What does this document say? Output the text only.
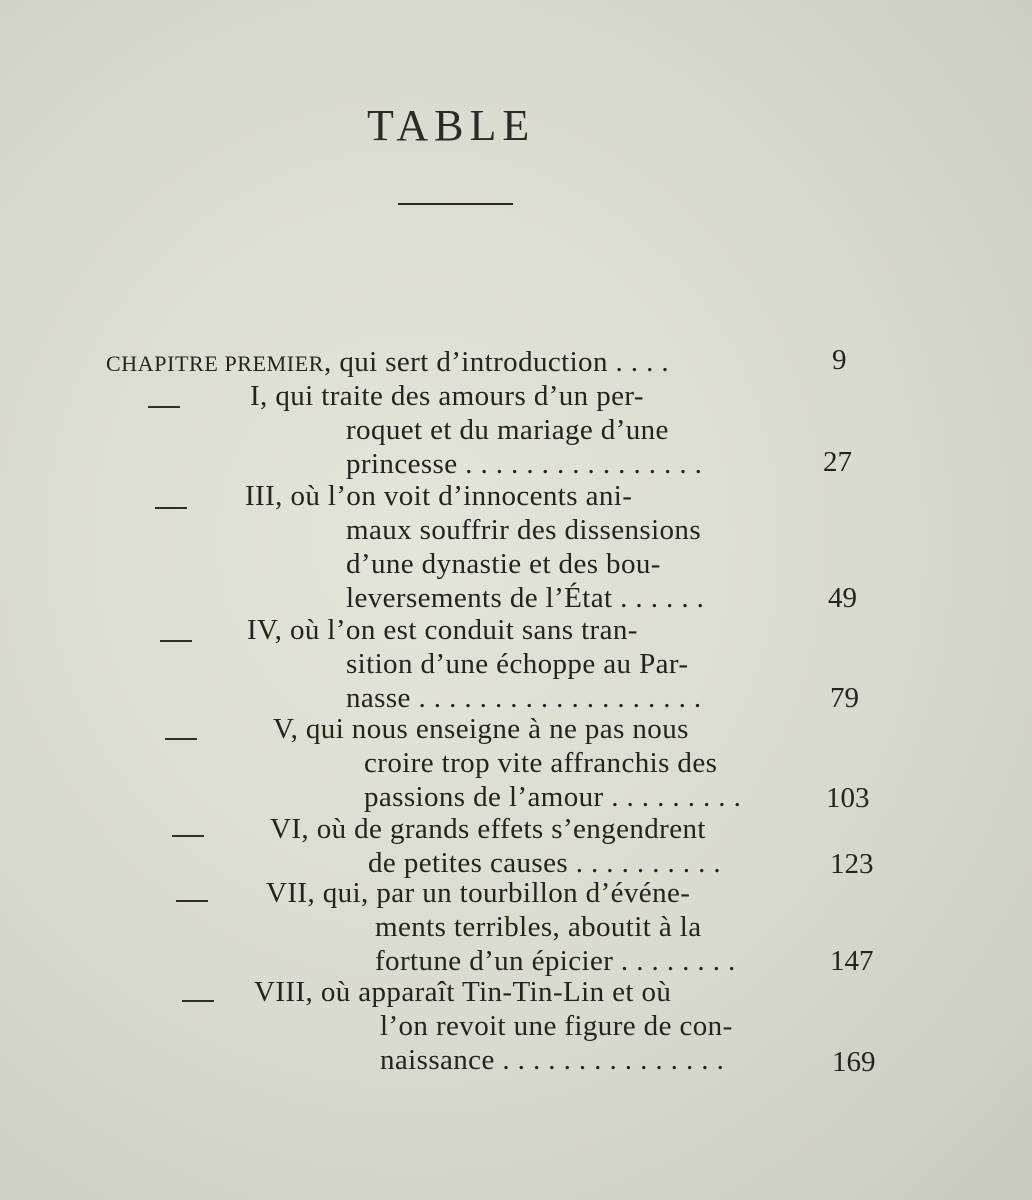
TABLE
CHAPITRE PREMIER, qui sert d’introduction . . . .	9
I, qui traite des amours d’un per-
roquet et du mariage d’une
princesse . . . . . . . . . . . . . . . .	27
III, où l’on voit d’innocents ani-
maux souffrir des dissensions
d’une dynastie et des bou-
leversements de l’État . . . . . .	49
IV, où l’on est conduit sans tran-
sition d’une échoppe au Par-
nasse . . . . . . . . . . . . . . . . . . .	79
V, qui nous enseigne à ne pas nous
croire trop vite affranchis des
passions de l’amour . . . . . . . . .	103
VI, où de grands effets s’engendrent
de petites causes . . . . . . . . . .	123
VII, qui, par un tourbillon d’événe-
ments terribles, aboutit à la
fortune d’un épicier . . . . . . . .	147
VIII, où apparaît Tin-Tin-Lin et où
l’on revoit une figure de con-
naissance . . . . . . . . . . . . . . .	169
